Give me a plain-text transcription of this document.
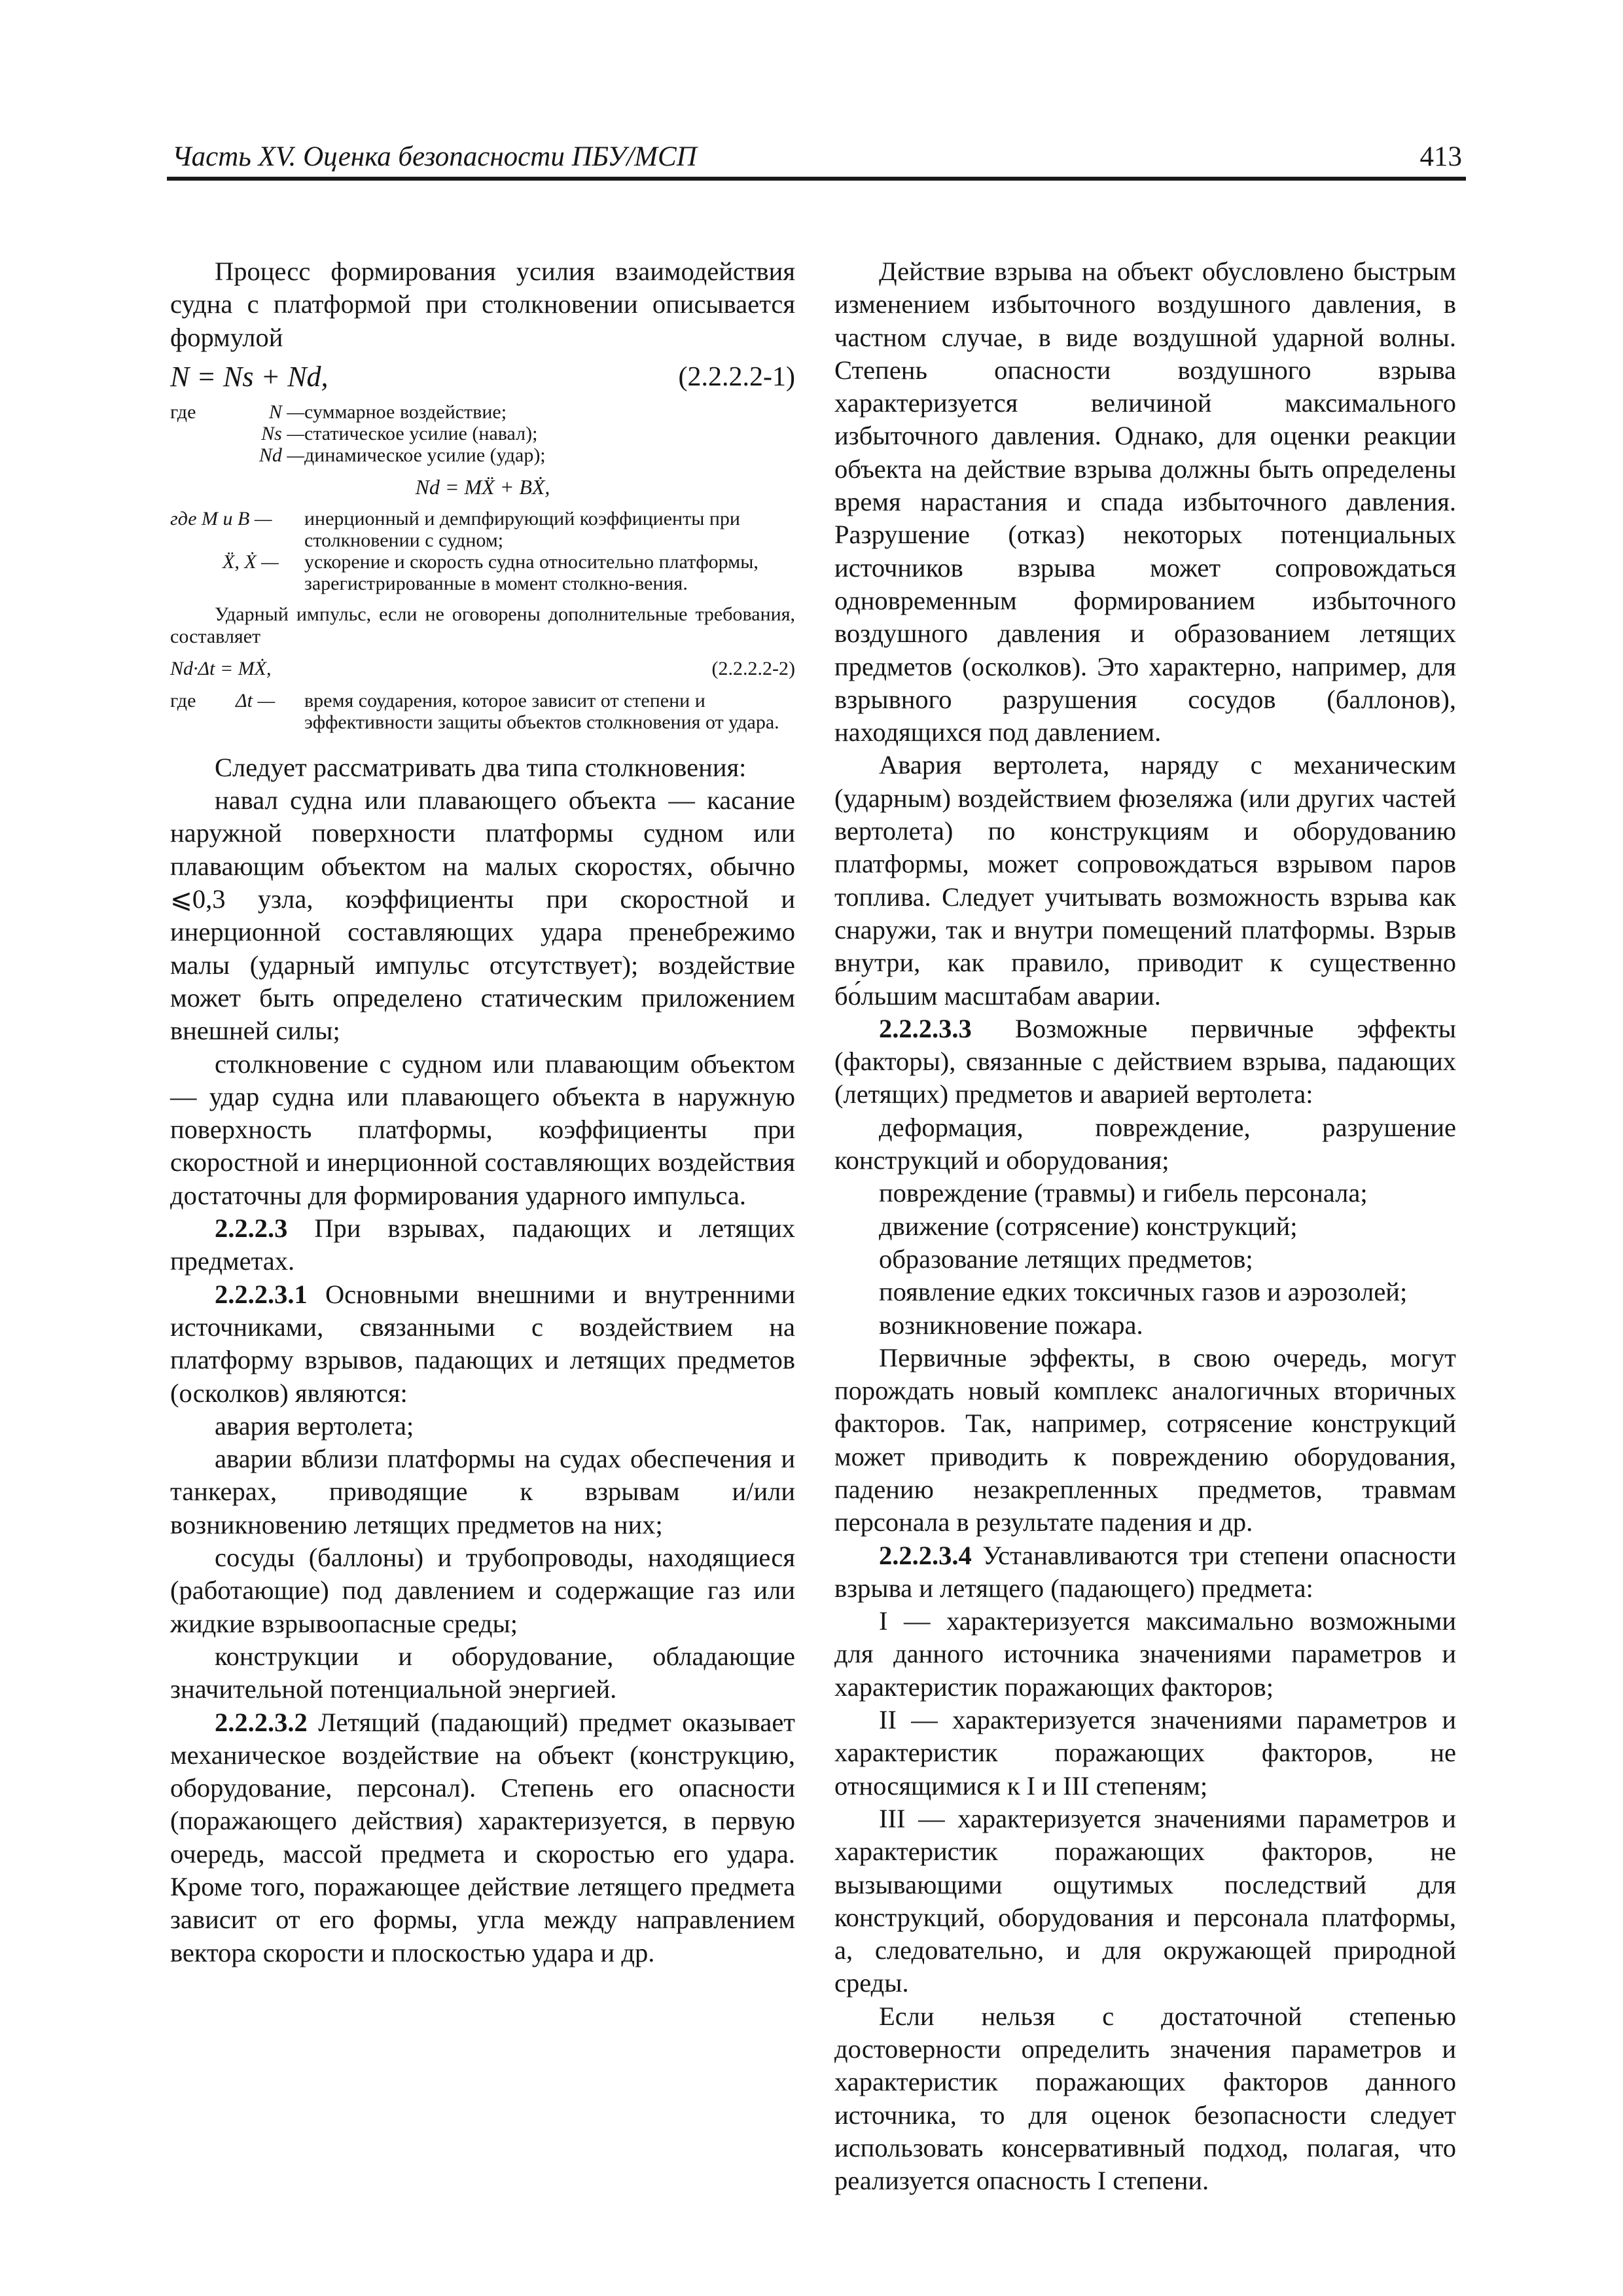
Часть XV. Оценка безопасности ПБУ/МСП	413

Процесс формирования усилия взаимодействия судна с платформой при столкновении описывается формулой

N = Ns + Nd,	(2.2.2.2-1)
где	N — суммарное воздействие;
Ns — статическое усилие (навал);
Nd — динамическое усилие (удар);
Nd = MẌ + BẊ,
где M и B —	инерционный и демпфирующий коэффициенты при столкновении с судном;
Ẍ, Ẋ —	ускорение и скорость судна относительно платформы, зарегистрированные в момент столкно-вения.

Ударный импульс, если не оговорены дополнительные требования, составляет

Nd·Δt = MẊ,	(2.2.2.2-2)
где Δt —	время соударения, которое зависит от степени и эффективности защиты объектов столкновения от удара.

Следует рассматривать два типа столкновения:

навал судна или плавающего объекта — касание наружной поверхности платформы судном или плавающим объектом на малых скоростях, обычно ⩽0,3 узла, коэффициенты при скоростной и инерционной составляющих удара пренебрежимо малы (ударный импульс отсутствует); воздействие может быть определено статическим приложением внешней силы;

столкновение с судном или плавающим объектом — удар судна или плавающего объекта в наружную поверхность платформы, коэффициенты при скоростной и инерционной составляющих воздействия достаточны для формирования ударного импульса.

2.2.2.3 При взрывах, падающих и летящих предметах.

2.2.2.3.1 Основными внешними и внутренними источниками, связанными с воздействием на платформу взрывов, падающих и летящих предметов (осколков) являются:

авария вертолета;

аварии вблизи платформы на судах обеспечения и танкерах, приводящие к взрывам и/или возникновению летящих предметов на них;

сосуды (баллоны) и трубопроводы, находящиеся (работающие) под давлением и содержащие газ или жидкие взрывоопасные среды;

конструкции и оборудование, обладающие значительной потенциальной энергией.

2.2.2.3.2 Летящий (падающий) предмет оказывает механическое воздействие на объект (конструкцию, оборудование, персонал). Степень его опасности (поражающего действия) характеризуется, в первую очередь, массой предмета и скоростью его удара. Кроме того, поражающее действие летящего предмета зависит от его формы, угла между направлением вектора скорости и плоскостью удара и др.

Действие взрыва на объект обусловлено быстрым изменением избыточного воздушного давления, в частном случае, в виде воздушной ударной волны. Степень опасности воздушного взрыва характеризуется величиной максимального избыточного давления. Однако, для оценки реакции объекта на действие взрыва должны быть определены время нарастания и спада избыточного давления. Разрушение (отказ) некоторых потенциальных источников взрыва может сопровождаться одновременным формированием избыточного воздушного давления и образованием летящих предметов (осколков). Это характерно, например, для взрывного разрушения сосудов (баллонов), находящихся под давлением.

Авария вертолета, наряду с механическим (ударным) воздействием фюзеляжа (или других частей вертолета) по конструкциям и оборудованию платформы, может сопровождаться взрывом паров топлива. Следует учитывать возможность взрыва как снаружи, так и внутри помещений платформы. Взрыв внутри, как правило, приводит к существенно бо́льшим масштабам аварии.

2.2.2.3.3 Возможные первичные эффекты (факторы), связанные с действием взрыва, падающих (летящих) предметов и аварией вертолета:

деформация, повреждение, разрушение конструкций и оборудования;

повреждение (травмы) и гибель персонала;

движение (сотрясение) конструкций;

образование летящих предметов;

появление едких токсичных газов и аэрозолей;

возникновение пожара.

Первичные эффекты, в свою очередь, могут порождать новый комплекс аналогичных вторичных факторов. Так, например, сотрясение конструкций может приводить к повреждению оборудования, падению незакрепленных предметов, травмам персонала в результате падения и др.

2.2.2.3.4 Устанавливаются три степени опасности взрыва и летящего (падающего) предмета:

I — характеризуется максимально возможными для данного источника значениями параметров и характеристик поражающих факторов;

II — характеризуется значениями параметров и характеристик поражающих факторов, не относящимися к I и III степеням;

III — характеризуется значениями параметров и характеристик поражающих факторов, не вызывающими ощутимых последствий для конструкций, оборудования и персонала платформы, а, следовательно, и для окружающей природной среды.

Если нельзя с достаточной степенью достоверности определить значения параметров и характеристик поражающих факторов данного источника, то для оценок безопасности следует использовать консервативный подход, полагая, что реализуется опасность I степени.
